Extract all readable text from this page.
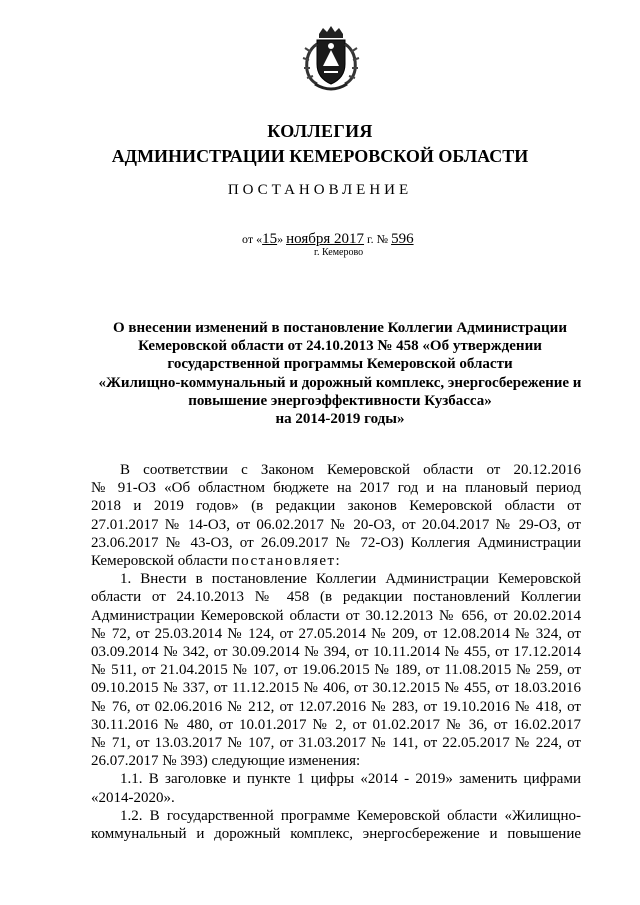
КОЛЛЕГИЯ
АДМИНИСТРАЦИИ КЕМЕРОВСКОЙ ОБЛАСТИ
ПОСТАНОВЛЕНИЕ
от «15» ноября 2017 г. № 596
г. Кемерово
О внесении изменений в постановление Коллегии Администрации
Кемеровской области от 24.10.2013 № 458 «Об утверждении
государственной программы Кемеровской области
«Жилищно-коммунальный и дорожный комплекс, энергосбережение и
повышение энергоэффективности Кузбасса»
на 2014-2019 годы»
В соответствии с Законом Кемеровской области от 20.12.2016
№ 91-ОЗ «Об областном бюджете на 2017 год и на плановый период
2018 и 2019 годов» (в редакции законов Кемеровской области от
27.01.2017 № 14-ОЗ, от 06.02.2017 № 20-ОЗ, от 20.04.2017 № 29-ОЗ, от
23.06.2017 № 43-ОЗ, от 26.09.2017 № 72-ОЗ) Коллегия Администрации
Кемеровской области постановляет:
1. Внести в постановление Коллегии Администрации Кемеровской
области от 24.10.2013 № 458 (в редакции постановлений Коллегии
Администрации Кемеровской области от 30.12.2013 № 656, от 20.02.2014
№ 72, от 25.03.2014 № 124, от 27.05.2014 № 209, от 12.08.2014 № 324, от
03.09.2014 № 342, от 30.09.2014 № 394, от 10.11.2014 № 455, от 17.12.2014
№ 511, от 21.04.2015 № 107, от 19.06.2015 № 189, от 11.08.2015 № 259, от
09.10.2015 № 337, от 11.12.2015 № 406, от 30.12.2015 № 455, от 18.03.2016
№ 76, от 02.06.2016 № 212, от 12.07.2016 № 283, от 19.10.2016 № 418, от
30.11.2016 № 480, от 10.01.2017 № 2, от 01.02.2017 № 36, от 16.02.2017
№ 71, от 13.03.2017 № 107, от 31.03.2017 № 141, от 22.05.2017 № 224, от
26.07.2017 № 393) следующие изменения:
1.1. В заголовке и пункте 1 цифры «2014 - 2019» заменить цифрами
«2014-2020».
1.2. В государственной программе Кемеровской области «Жилищно-
коммунальный и дорожный комплекс, энергосбережение и повышение
